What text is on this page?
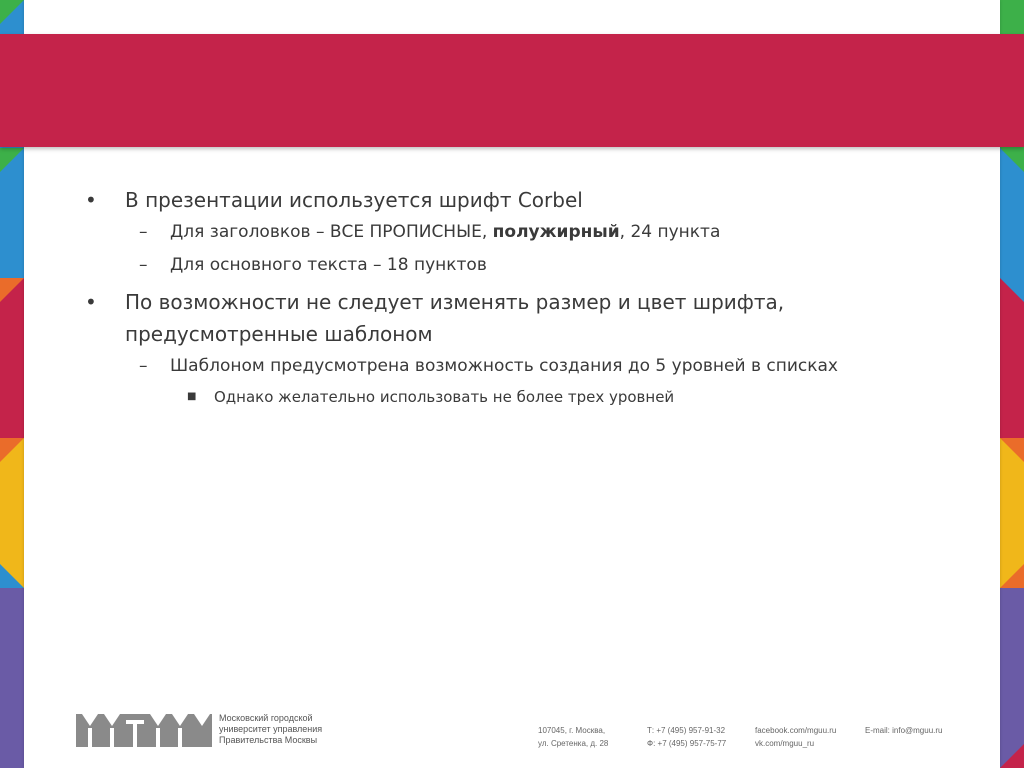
• В презентации используется шрифт Corbel
– Для заголовков – ВСЕ ПРОПИСНЫЕ, полужирный, 24 пункта
– Для основного текста – 18 пунктов
• По возможности не следует изменять размер и цвет шрифта,
предусмотренные шаблоном
– Шаблоном предусмотрена возможность создания до 5 уровней в списках
■ Однако желательно использовать не более трех уровней
Московский городской
университет управления
Правительства Москвы
107045, г. Москва,
ул. Сретенка, д. 28
Т: +7 (495) 957-91-32
Ф: +7 (495) 957-75-77
facebook.com/mguu.ru
vk.com/mguu_ru
E-mail: info@mguu.ru
